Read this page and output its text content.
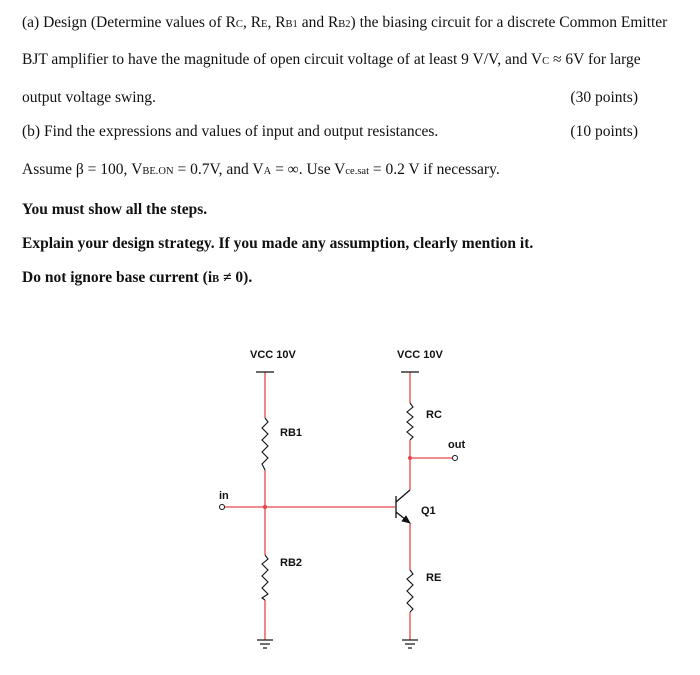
(a) Design (Determine values of RC, RE, RB1 and RB2) the biasing circuit for a discrete Common Emitter
BJT amplifier to have the magnitude of open circuit voltage of at least 9 V/V, and VC ≈ 6V for large
output voltage swing.	(30 points)
(b) Find the expressions and values of input and output resistances.	(10 points)
Assume β = 100, VBE.ON = 0.7V, and VA = ∞. Use Vce.sat = 0.2 V if necessary.
You must show all the steps.
Explain your design strategy. If you made any assumption, clearly mention it.
Do not ignore base current (iB ≠ 0).
VCC 10V	VCC 10V
RB1
RB2
RC
RE
Q1
in
out
